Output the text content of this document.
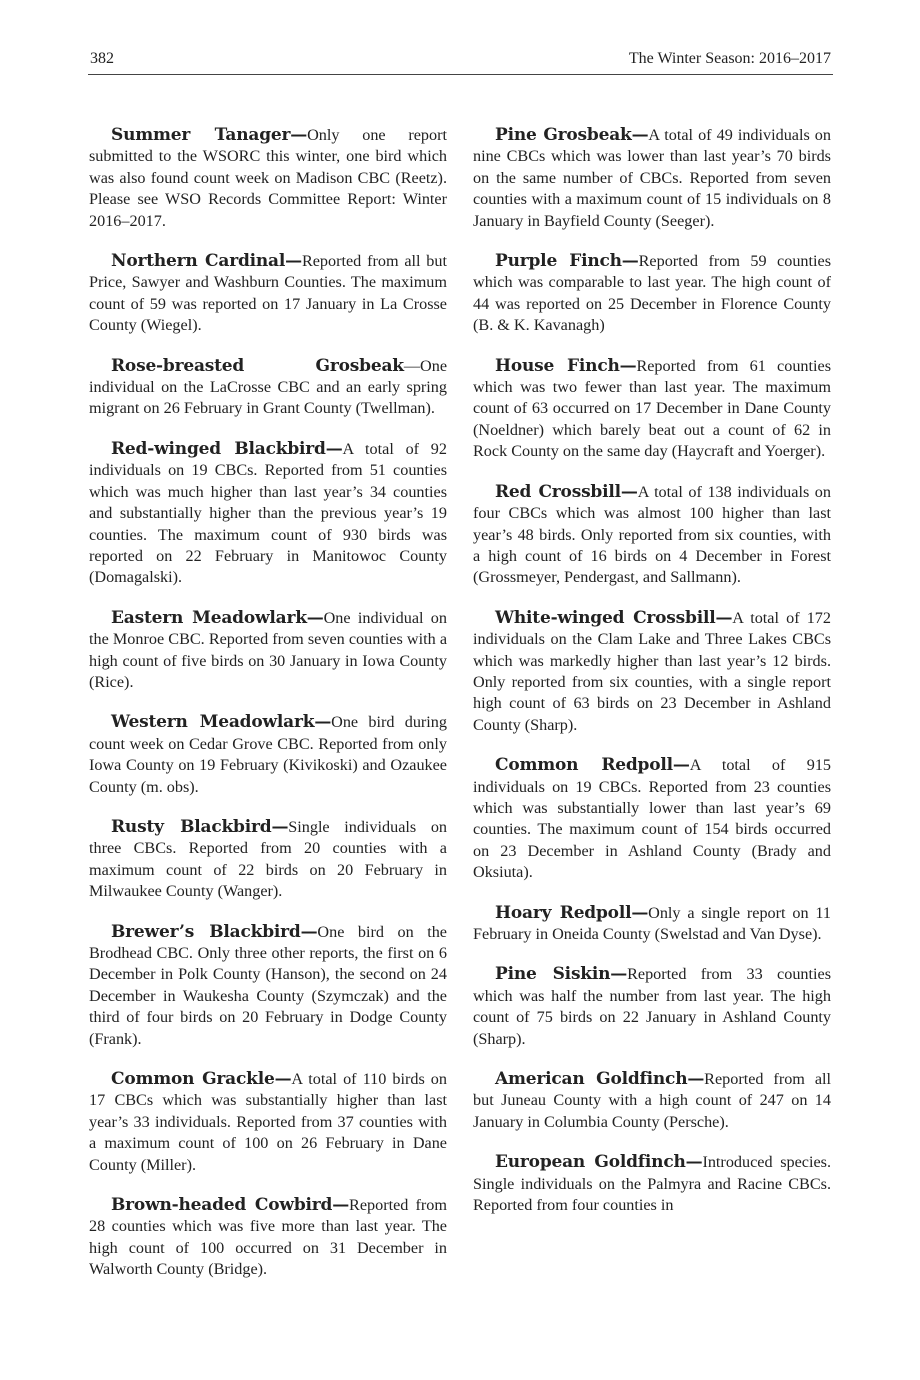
382	The Winter Season: 2016–2017

Summer Tanager—Only one report submitted to the WSORC this winter, one bird which was also found count week on Madison CBC (Reetz). Please see WSO Records Committee Report: Winter 2016–2017.

Northern Cardinal—Reported from all but Price, Sawyer and Washburn Counties. The maximum count of 59 was reported on 17 January in La Crosse County (Wiegel).

Rose-breasted Grosbeak—One individual on the LaCrosse CBC and an early spring migrant on 26 February in Grant County (Twellman).

Red-winged Blackbird—A total of 92 individuals on 19 CBCs. Reported from 51 counties which was much higher than last year’s 34 counties and substantially higher than the previous year’s 19 counties. The maximum count of 930 birds was reported on 22 February in Manitowoc County (Domagalski).

Eastern Meadowlark—One individual on the Monroe CBC. Reported from seven counties with a high count of five birds on 30 January in Iowa County (Rice).

Western Meadowlark—One bird during count week on Cedar Grove CBC. Reported from only Iowa County on 19 February (Kivikoski) and Ozaukee County (m. obs).

Rusty Blackbird—Single individuals on three CBCs. Reported from 20 counties with a maximum count of 22 birds on 20 February in Milwaukee County (Wanger).

Brewer’s Blackbird—One bird on the Brodhead CBC. Only three other reports, the first on 6 December in Polk County (Hanson), the second on 24 December in Waukesha County (Szymczak) and the third of four birds on 20 February in Dodge County (Frank).

Common Grackle—A total of 110 birds on 17 CBCs which was substantially higher than last year’s 33 individuals. Reported from 37 counties with a maximum count of 100 on 26 February in Dane County (Miller).

Brown-headed Cowbird—Reported from 28 counties which was five more than last year. The high count of 100 occurred on 31 December in Walworth County (Bridge).

Pine Grosbeak—A total of 49 individuals on nine CBCs which was lower than last year’s 70 birds on the same number of CBCs. Reported from seven counties with a maximum count of 15 individuals on 8 January in Bayfield County (Seeger).

Purple Finch—Reported from 59 counties which was comparable to last year. The high count of 44 was reported on 25 December in Florence County (B. & K. Kavanagh)

House Finch—Reported from 61 counties which was two fewer than last year. The maximum count of 63 occurred on 17 December in Dane County (Noeldner) which barely beat out a count of 62 in Rock County on the same day (Haycraft and Yoerger).

Red Crossbill—A total of 138 individuals on four CBCs which was almost 100 higher than last year’s 48 birds. Only reported from six counties, with a high count of 16 birds on 4 December in Forest (Grossmeyer, Pendergast, and Sallmann).

White-winged Crossbill—A total of 172 individuals on the Clam Lake and Three Lakes CBCs which was markedly higher than last year’s 12 birds. Only reported from six counties, with a single report high count of 63 birds on 23 December in Ashland County (Sharp).

Common Redpoll—A total of 915 individuals on 19 CBCs. Reported from 23 counties which was substantially lower than last year’s 69 counties. The maximum count of 154 birds occurred on 23 December in Ashland County (Brady and Oksiuta).

Hoary Redpoll—Only a single report on 11 February in Oneida County (Swelstad and Van Dyse).

Pine Siskin—Reported from 33 counties which was half the number from last year. The high count of 75 birds on 22 January in Ashland County (Sharp).

American Goldfinch—Reported from all but Juneau County with a high count of 247 on 14 January in Columbia County (Persche).

European Goldfinch—Introduced species. Single individuals on the Palmyra and Racine CBCs. Reported from four counties in
